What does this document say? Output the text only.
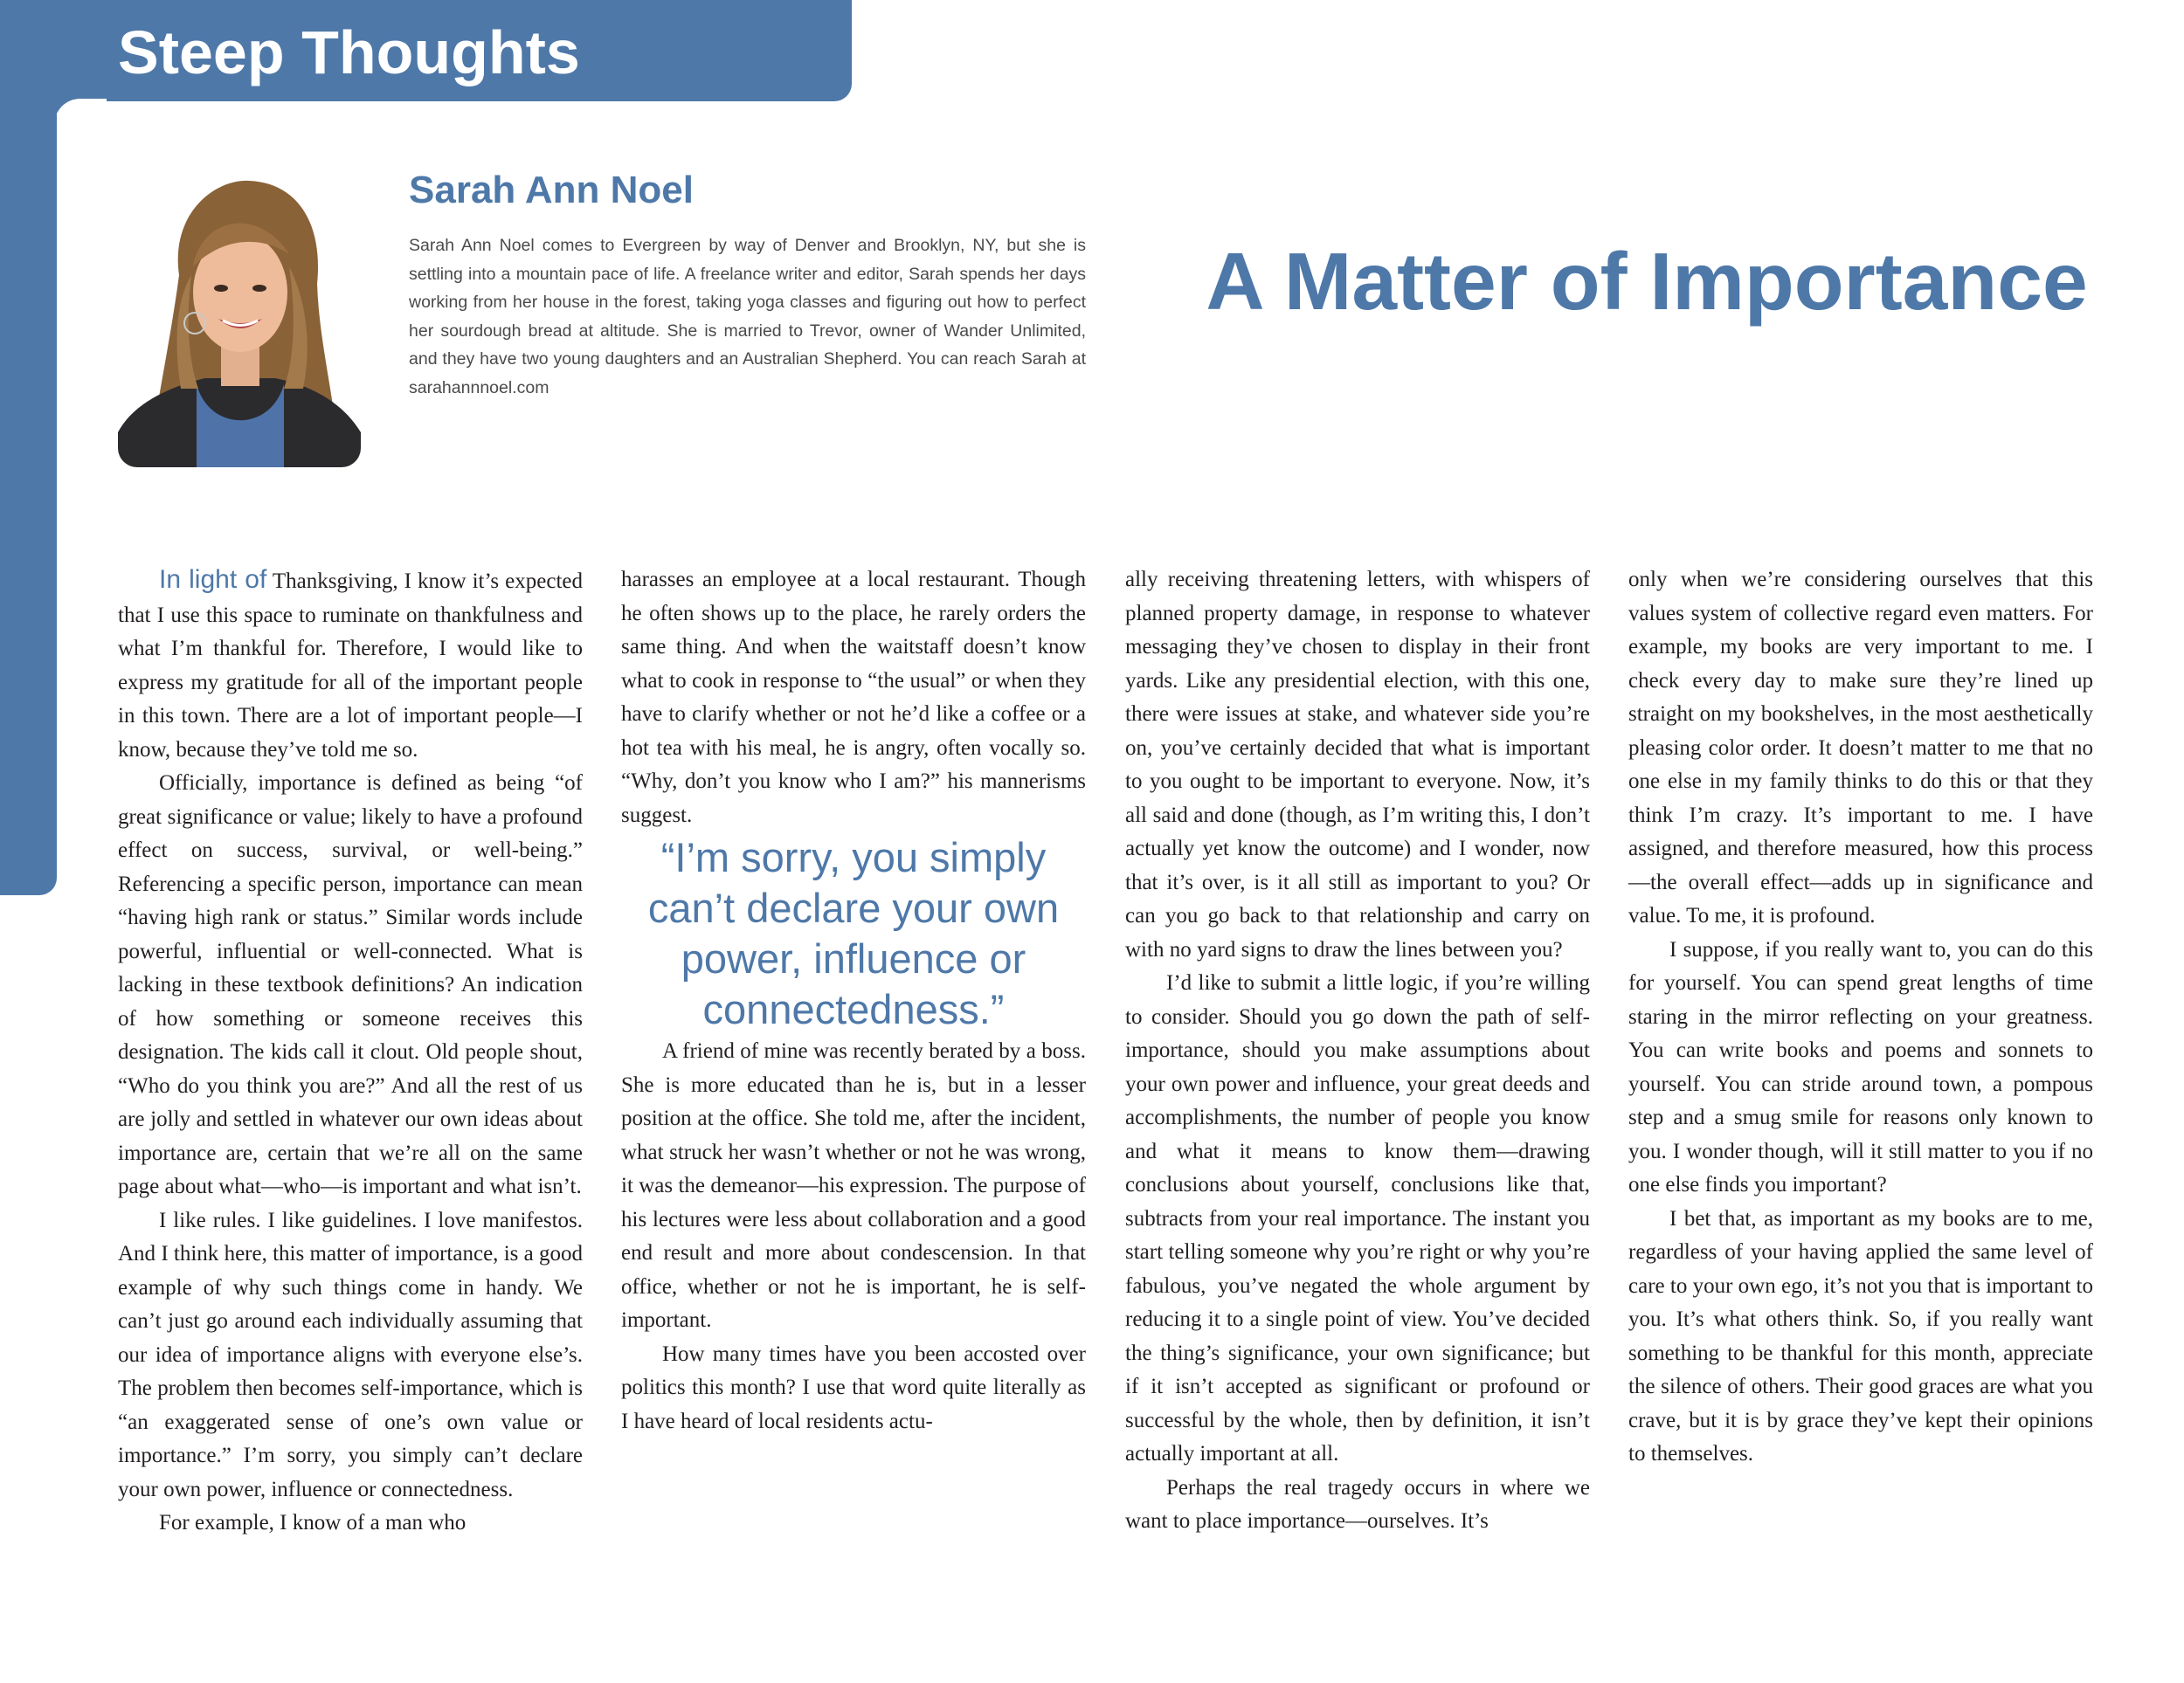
Steep Thoughts
Sarah Ann Noel

Sarah Ann Noel comes to Evergreen by way of Denver and Brooklyn, NY, but she is settling into a mountain pace of life. A freelance writer and editor, Sarah spends her days working from her house in the forest, taking yoga classes and figuring out how to perfect her sourdough bread at altitude. She is married to Trevor, owner of Wander Unlimited, and they have two young daughters and an Australian Shepherd. You can reach Sarah at sarahannnoel.com

A Matter of Importance

In light of Thanksgiving, I know it’s expected that I use this space to ruminate on thankfulness and what I’m thankful for. Therefore, I would like to express my gratitude for all of the important people in this town. There are a lot of important people—I know, because they’ve told me so.

Officially, importance is defined as being “of great significance or value; likely to have a profound effect on success, survival, or well-being.” Referencing a specific person, importance can mean “having high rank or status.” Similar words include powerful, influential or well-connected. What is lacking in these textbook definitions? An indication of how something or someone receives this designation. The kids call it clout. Old people shout, “Who do you think you are?” And all the rest of us are jolly and settled in whatever our own ideas about importance are, certain that we’re all on the same page about what—who—is important and what isn’t.

I like rules. I like guidelines. I love manifestos. And I think here, this matter of importance, is a good example of why such things come in handy. We can’t just go around each individually assuming that our idea of importance aligns with everyone else’s. The problem then becomes self-importance, which is “an exaggerated sense of one’s own value or importance.” I’m sorry, you simply can’t declare your own power, influence or connectedness.

For example, I know of a man who

harasses an employee at a local restaurant. Though he often shows up to the place, he rarely orders the same thing. And when the waitstaff doesn’t know what to cook in response to “the usual” or when they have to clarify whether or not he’d like a coffee or a hot tea with his meal, he is angry, often vocally so. “Why, don’t you know who I am?” his mannerisms suggest.

“I’m sorry, you simply can’t declare your own power, influence or connectedness.”

A friend of mine was recently berated by a boss. She is more educated than he is, but in a lesser position at the office. She told me, after the incident, what struck her wasn’t whether or not he was wrong, it was the demeanor—his expression. The purpose of his lectures were less about collaboration and a good end result and more about condescension. In that office, whether or not he is important, he is self-important.

How many times have you been accosted over politics this month? I use that word quite literally as I have heard of local residents actu-

ally receiving threatening letters, with whispers of planned property damage, in response to whatever messaging they’ve chosen to display in their front yards. Like any presidential election, with this one, there were issues at stake, and whatever side you’re on, you’ve certainly decided that what is important to you ought to be important to everyone. Now, it’s all said and done (though, as I’m writing this, I don’t actually yet know the outcome) and I wonder, now that it’s over, is it all still as important to you? Or can you go back to that relationship and carry on with no yard signs to draw the lines between you?

I’d like to submit a little logic, if you’re willing to consider. Should you go down the path of self-importance, should you make assumptions about your own power and influence, your great deeds and accomplishments, the number of people you know and what it means to know them—drawing conclusions about yourself, conclusions like that, subtracts from your real importance. The instant you start telling someone why you’re right or why you’re fabulous, you’ve negated the whole argument by reducing it to a single point of view. You’ve decided the thing’s significance, your own significance; but if it isn’t accepted as significant or profound or successful by the whole, then by definition, it isn’t actually important at all.

Perhaps the real tragedy occurs in where we want to place importance—ourselves. It’s

only when we’re considering ourselves that this values system of collective regard even matters. For example, my books are very important to me. I check every day to make sure they’re lined up straight on my bookshelves, in the most aesthetically pleasing color order. It doesn’t matter to me that no one else in my family thinks to do this or that they think I’m crazy. It’s important to me. I have assigned, and therefore measured, how this process—the overall effect—adds up in significance and value. To me, it is profound.

I suppose, if you really want to, you can do this for yourself. You can spend great lengths of time staring in the mirror reflecting on your greatness. You can write books and poems and sonnets to yourself. You can stride around town, a pompous step and a smug smile for reasons only known to you. I wonder though, will it still matter to you if no one else finds you important?

I bet that, as important as my books are to me, regardless of your having applied the same level of care to your own ego, it’s not you that is important to you. It’s what others think. So, if you really want something to be thankful for this month, appreciate the silence of others. Their good graces are what you crave, but it is by grace they’ve kept their opinions to themselves.
